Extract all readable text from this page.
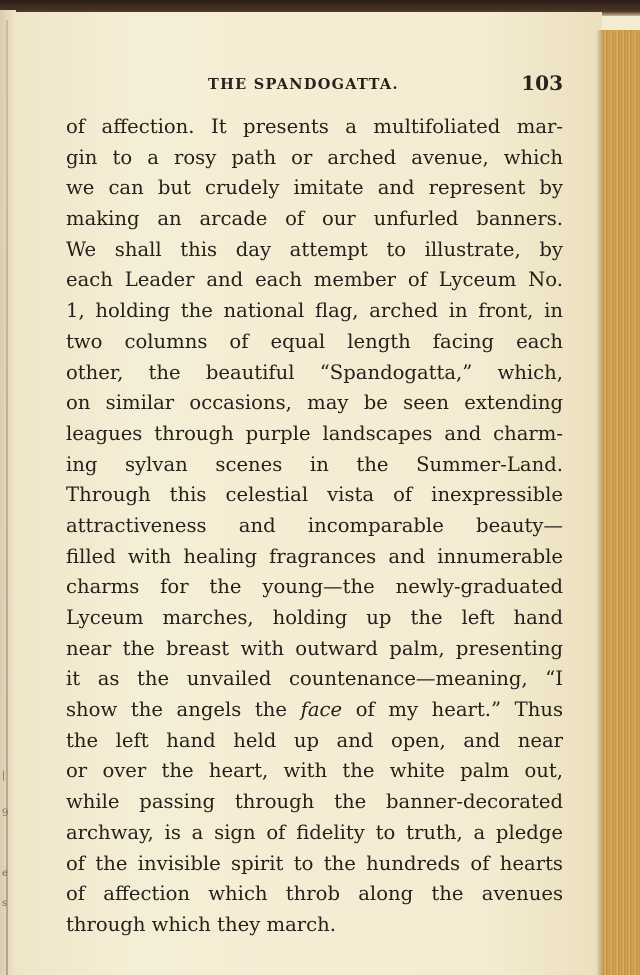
|
9
e
s
THE SPANDOGATTA.	103
of affection. It presents a multifoliated mar-
gin to a rosy path or arched avenue, which
we can but crudely imitate and represent by
making an arcade of our unfurled banners.
We shall this day attempt to illustrate, by
each Leader and each member of Lyceum No.
1, holding the national flag, arched in front, in
two columns of equal length facing each
other, the beautiful “Spandogatta,” which,
on similar occasions, may be seen extending
leagues through purple landscapes and charm-
ing sylvan scenes in the Summer-Land.
Through this celestial vista of inexpressible
attractiveness and incomparable beauty—
filled with healing fragrances and innumerable
charms for the young—the newly-graduated
Lyceum marches, holding up the left hand
near the breast with outward palm, presenting
it as the unvailed countenance—meaning, “I
show the angels the face of my heart.” Thus
the left hand held up and open, and near
or over the heart, with the white palm out,
while passing through the banner-decorated
archway, is a sign of fidelity to truth, a pledge
of the invisible spirit to the hundreds of hearts
of affection which throb along the avenues
through which they march.
